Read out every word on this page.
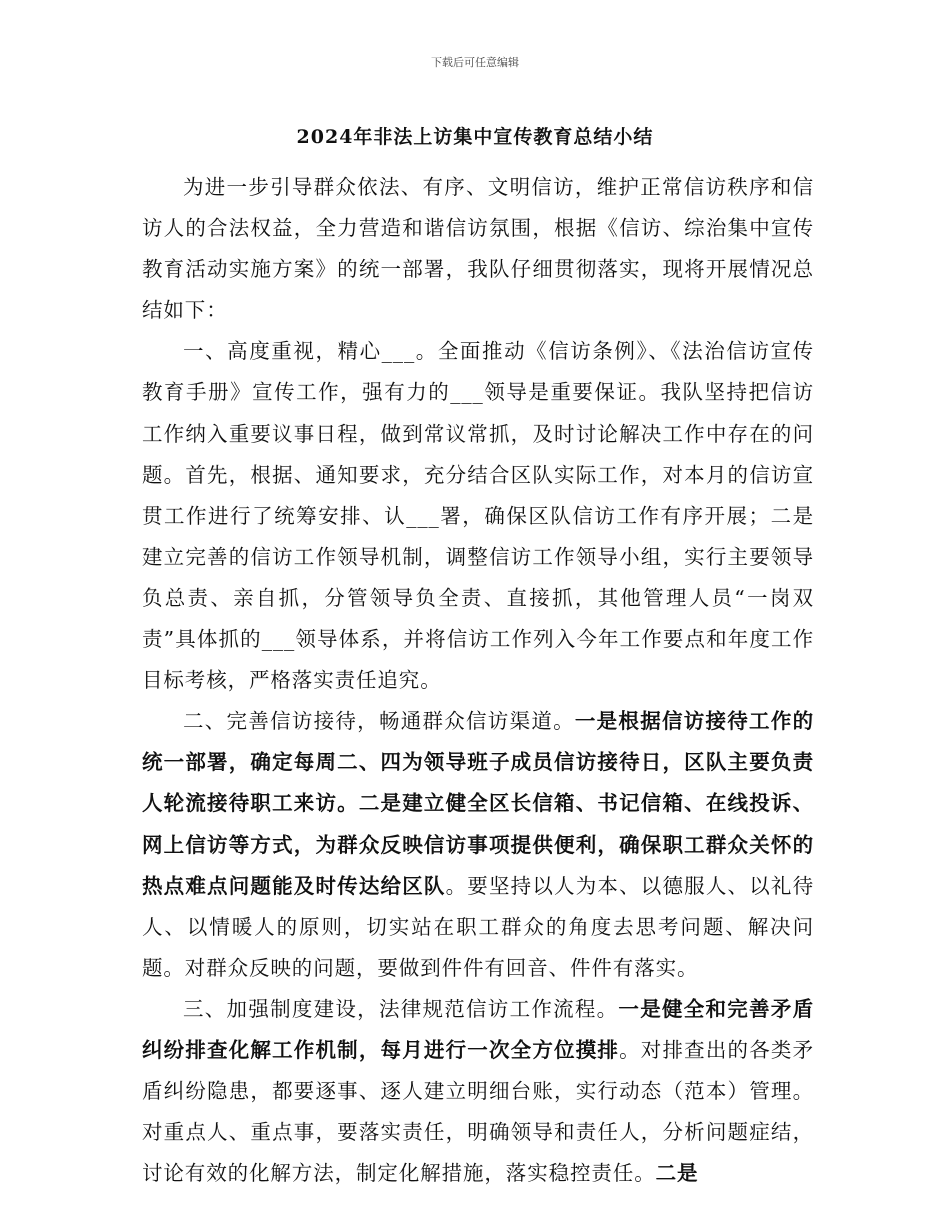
下载后可任意编辑
2024年非法上访集中宣传教育总结小结

为进一步引导群众依法、有序、文明信访，维护正常信访秩序和信访人的合法权益，全力营造和谐信访氛围，根据《信访、综治集中宣传教育活动实施方案》的统一部署，我队仔细贯彻落实，现将开展情况总结如下：

一、高度重视，精心___。全面推动《信访条例》、《法治信访宣传教育手册》宣传工作，强有力的___领导是重要保证。我队坚持把信访工作纳入重要议事日程，做到常议常抓，及时讨论解决工作中存在的问题。首先，根据、通知要求，充分结合区队实际工作，对本月的信访宣贯工作进行了统筹安排、认___署，确保区队信访工作有序开展；二是建立完善的信访工作领导机制，调整信访工作领导小组，实行主要领导负总责、亲自抓，分管领导负全责、直接抓，其他管理人员“一岗双责”具体抓的___领导体系，并将信访工作列入今年工作要点和年度工作目标考核，严格落实责任追究。

二、完善信访接待，畅通群众信访渠道。一是根据信访接待工作的统一部署，确定每周二、四为领导班子成员信访接待日，区队主要负责人轮流接待职工来访。二是建立健全区长信箱、书记信箱、在线投诉、网上信访等方式，为群众反映信访事项提供便利，确保职工群众关怀的热点难点问题能及时传达给区队。要坚持以人为本、以德服人、以礼待人、以情暖人的原则，切实站在职工群众的角度去思考问题、解决问题。对群众反映的问题，要做到件件有回音、件件有落实。

三、加强制度建设，法律规范信访工作流程。一是健全和完善矛盾纠纷排查化解工作机制，每月进行一次全方位摸排。对排查出的各类矛盾纠纷隐患，都要逐事、逐人建立明细台账，实行动态（范本）管理。对重点人、重点事，要落实责任，明确领导和责任人，分析问题症结，讨论有效的化解方法，制定化解措施，落实稳控责任。二是
